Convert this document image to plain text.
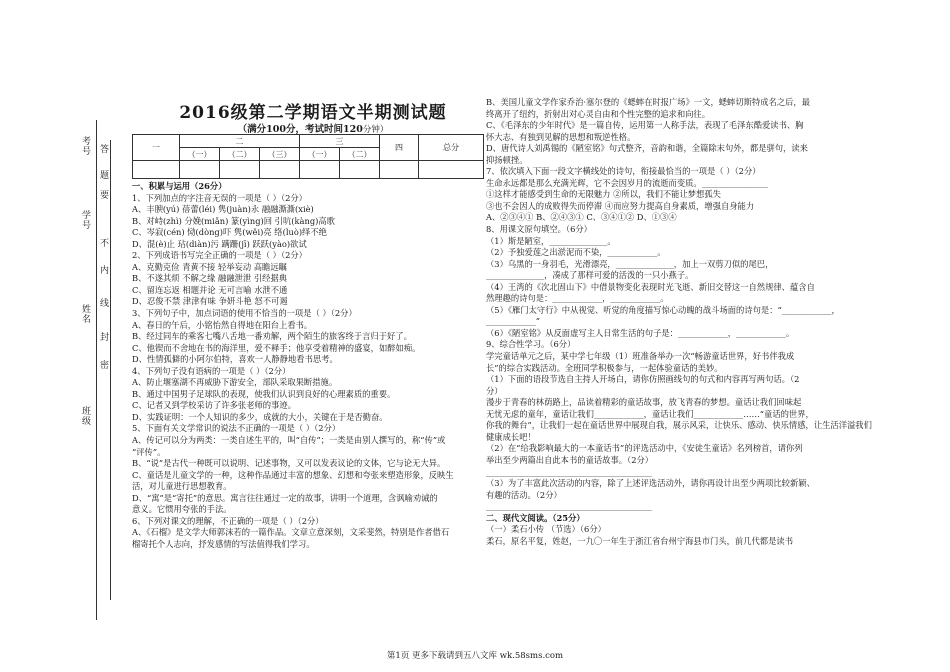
考号
学号
要
姓名
线
不
内
封
班级
密
题
答
2016级第二学期语文半期测试题
（满分100分，考试时间120分钟）
一	二			三		四	总分
	（一）	（二）	（三）	（一）	（二）		

一、积累与运用（26分）

1、下列加点的字注音无误的一项是（ ）（2分）

A、丰腴(yú) 蓓蕾(léi) 隽(juàn)永 融融澌澌(xiè)

B、对峙(zhì) 分娩(miǎn) 篆(yìng)回 引吭(kàng)高歌

C、岑寂(cén) 恸(dòng)吓 隽(wěi)亮 络(luò)绎不绝

D、混(è)止 玷(diàn)污 蹒跚(jī) 跃跃(yào)欲试

2、下列成语书写完全正确的一项是（ ）（2分）

A、克勤克俭 青黄不接 轻举妄动 高瞻远瞩

B、不遂其烦 不解之缘 融融泄泄 引经据典

C、留连忘返 相题并论 无可言喻 水泄不通

D、忍俊不禁 津津有味 争妍斗艳 怒不可遏

3、下列句子中，加点词语的使用不恰当的一项是（ ）（2分）

A、春日的午后，小铭怡然自得地在阳台上看书。

B、经过同车的乘客七嘴八舌地一番劝解，两个陌生的旅客终于言归于好了。

C、他锲而不舍地在书的海洋里，爱不释手；他享受着精神的盛宴，如醉如痴。

D、性情孤僻的小阿尔伯特，喜欢一人静静地看书思考。

4、下列句子没有语病的一项是（ ）（2分）

A、防止堰塞湖不再威胁下游安全，部队采取果断措施。

B、通过中国男子足球队的表现，使我们认识到良好的心理素质的重要。

C、记者又到学校采访了许多张老师的事迹。

D、实践证明：一个人知识的多少，成就的大小，关键在于是否勤奋。

5、下面有关文学常识的说法不正确的一项是（ ）（2分）

A、传记可以分为两类：一类自述生平的，叫“自传”；一类是由别人撰写的，称“传”或

“评传”。

B、“说”是古代一种既可以说明、记述事物，又可以发表议论的文体，它与论无大异。

C、童话是儿童文学的一种，这种作品通过丰富的想象、幻想和夸张来塑造形象，反映生

活，对儿童进行思想教育。

D、“寓”是“寄托”的意思。寓言往往通过一定的故事，讲明一个道理，含讽喻劝诫的

意义。它惯用夸张的手法。

6、下列对课文的理解，不正确的一项是（ ）（2分）

A、《石榴》是文学大师郭沫若的一篇作品。文章立意深刻，文采斐然，特别是作者借石

榴寄托个人志向，抒发感情的写法值得我们学习。

B、美国儿童文学作家乔治·塞尔登的《蟋蟀在时报广场》一文，蟋蟀切斯特成名之后，最

终离开了纽约，折射出对心灵自由和个性完整的追求和向往。

C、《毛泽东的少年时代》是一篇自传，运用第一人称手法，表现了毛泽东酷爱读书、胸

怀大志、有独到见解的思想和叛逆性格。

D、唐代诗人刘禹锡的《陋室铭》句式整齐，音韵和谐，全篇除末句外，都是骈句，读来

抑扬顿挫。

7、依次填入下面一段文字横线处的诗句，衔接最恰当的一项是（ ）（2分）

生命永远都是那么充满光辉，它不会因岁月的流逝而变质。________________

①这样才能感受到生命的无限魅力 ②所以，我们不能让梦想孤失

③也不会因人的成败得失而停滞 ④而应努力提高自身素质，增强自身能力

A、②③④① B、②④③① C、③④①② D、①③④

8、用课文原句填空。（6分）

（1）斯是陋室，______________。

（2）予独爱莲之出淤泥而不染，____________。

（3）乌黑的一身羽毛，光滑漂亮，______________，加上一双剪刀似的尾巴，

______________，凑成了那样可爱的活泼的一只小燕子。

（4）王湾的《次北固山下》中借景物变化表现时光飞逝、新旧交替这一自然规律、蕴含自

然理趣的诗句是：____________，____________。

（5）《雁门太守行》中从视觉、听觉的角度描写惊心动魄的战斗场面的诗句是：“____________，

____________”

（6）《陋室铭》从反面虚写主人日常生活的句子是：____________，____________。

9、综合性学习。（6分）

学完童话单元之后，某中学七年级（1）班准备举办一次“畅游童话世界，好书伴我成

长”的综合实践活动。全班同学积极参与，一起体验童话的美妙。

（1）下面的语段节选自主持人开场白，请你仿照画线句的句式和内容再写两句话。（2

分）

漫步于青春的林荫路上，品读着精彩的童话故事，放飞青春的梦想。童话让我们回味起

无忧无虑的童年，童话让我们____________，童话让我们____________……“童话的世界，

你我的舞台”，让我们一起在童话世界中展现自我，展示风采，让快乐、感动、快乐情感，让生活洋溢我们

健康成长吧！

（2）在“给我影响最大的一本童话书”的评选活动中，《安徒生童话》名列榜首，请你列

举出至少两篇出自此本书的童话故事。（2分）

________________________________________

（3）为了丰富此次活动的内容，除了上述评选活动外，请你再设计出至少两项比较新颖、

有趣的活动。（2分）

________________________________________

二、现代文阅读。（25分）

（一）柔石小传 （节选）（6分）

柔石，原名平复，姓赵，一九〇一年生于浙江省台州宁海县市门头，前几代都是读书

第1页 更多下载请到五八文库 wk.58sms.com
